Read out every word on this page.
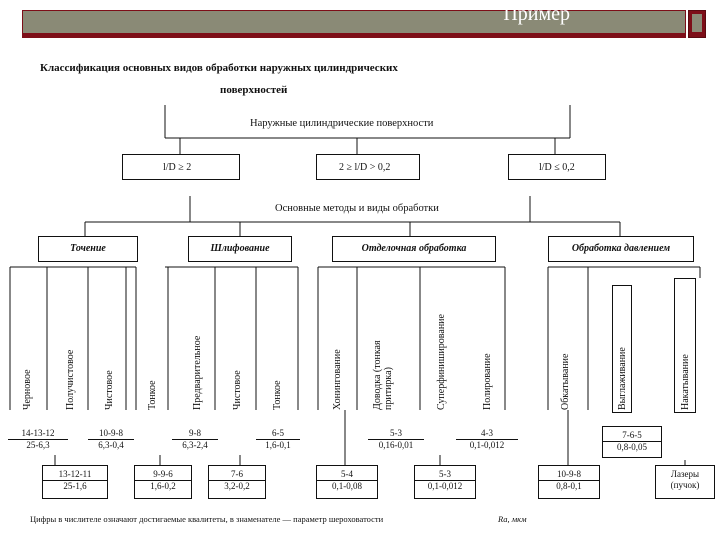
Пример
Классификация основных видов обработки наружных цилиндрических
поверхностей
Наружные цилиндрические поверхности
l/D ≥ 2	2 ≥ l/D > 0,2	l/D ≤ 0,2
Основные методы и виды обработки
Точение	Шлифование	Отделочная обработка	Обработка давлением
Черновое	Получистовое	Чистовое	Тонкое	Предварительное	Чистовое	Тонкое	Хонингование	Доводка (тонкая притирка)	Суперфиниширование	Полирование	Обкатывание	Выглаживание	Накатывание
14-13-12
25-6,3
10-9-8
6,3-0,4
9-8
6,3-2,4
6-5
1,6-0,1
5-3
0,16-0,01
4-3
0,1-0,012
7-6-5
0,8-0,05
13-12-11
25-1,6
9-9-6
1,6-0,2
7-6
3,2-0,2
5-4
0,1-0,08
5-3
0,1-0,012
10-9-8
0,8-0,1
Лазеры
(пучок)
Цифры в числителе означают достигаемые квалитеты, в знаменателе — параметр шероховатости	Ra, мкм
